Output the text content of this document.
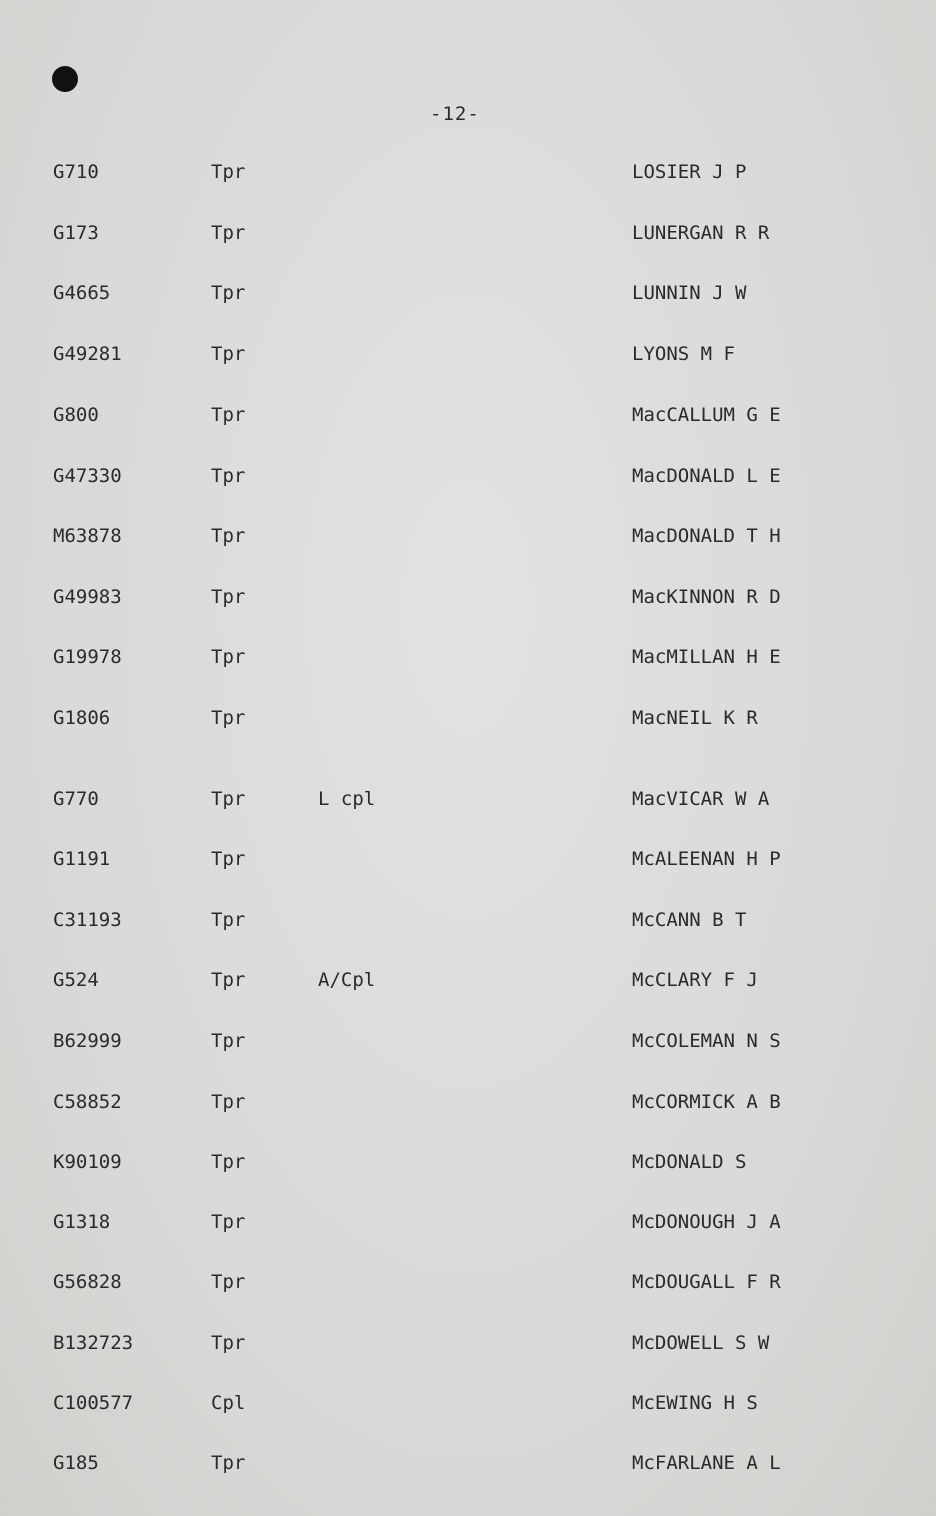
-12-
G710	Tpr	LOSIER J P
G173	Tpr	LUNERGAN R R
G4665	Tpr	LUNNIN J W
G49281	Tpr	LYONS M F
G800	Tpr	MacCALLUM G E
G47330	Tpr	MacDONALD L E
M63878	Tpr	MacDONALD T H
G49983	Tpr	MacKINNON R D
G19978	Tpr	MacMILLAN H E
G1806	Tpr	MacNEIL K R
G770	Tpr	L cpl	MacVICAR W A
G1191	Tpr	McALEENAN H P
C31193	Tpr	McCANN B T
G524	Tpr	A/Cpl	McCLARY F J
B62999	Tpr	McCOLEMAN N S
C58852	Tpr	McCORMICK A B
K90109	Tpr	McDONALD S
G1318	Tpr	McDONOUGH J A
G56828	Tpr	McDOUGALL F R
B132723	Tpr	McDOWELL S W
C100577	Cpl	McEWING H S
G185	Tpr	McFARLANE A L
